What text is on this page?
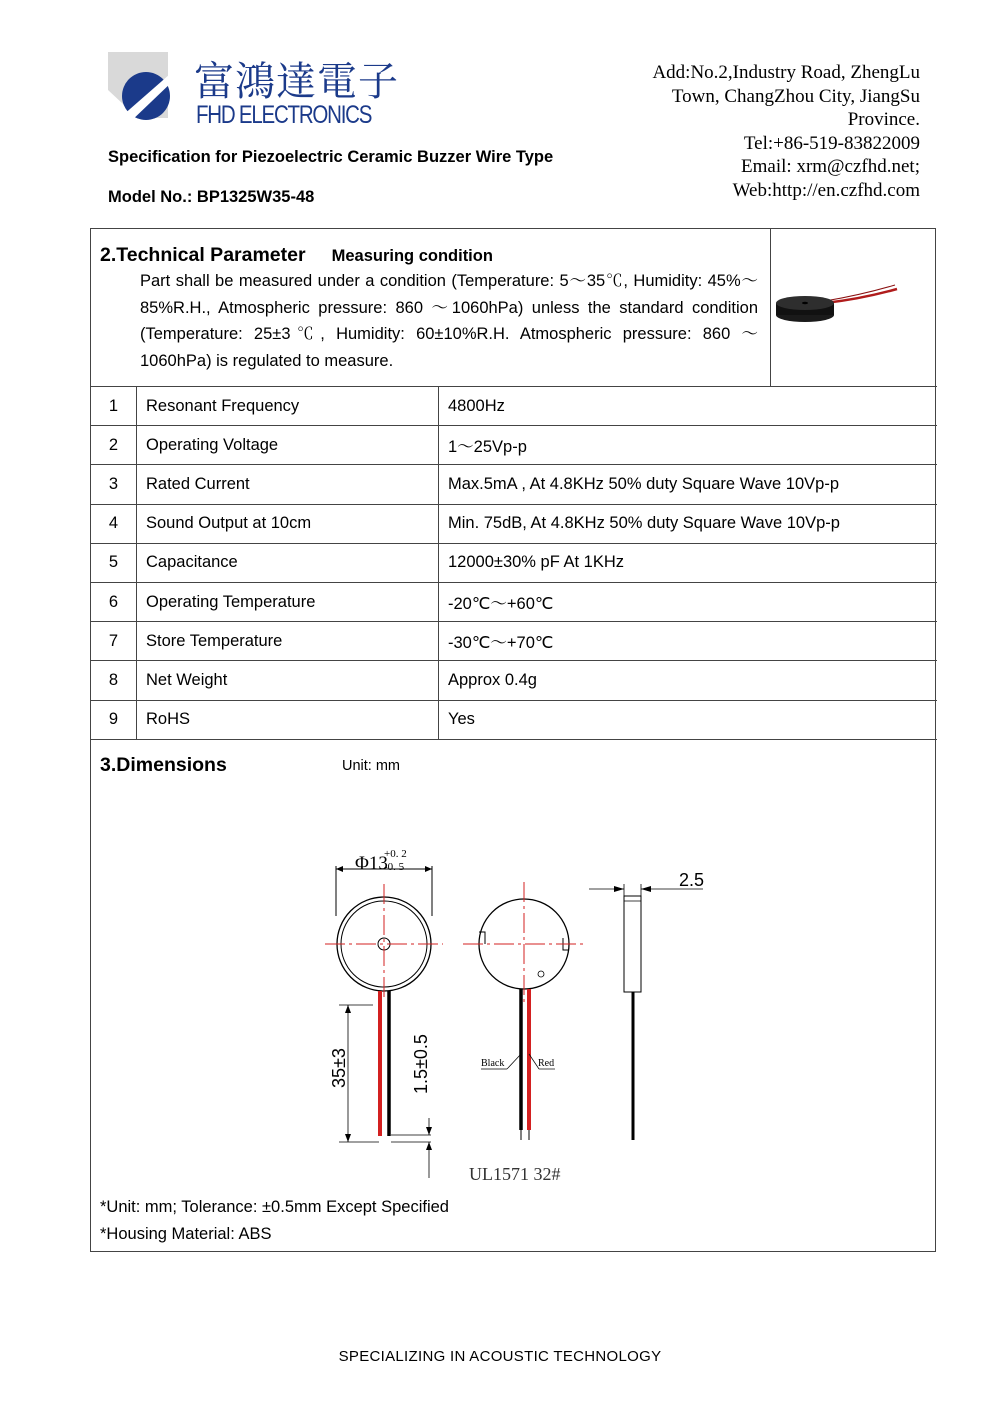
富鴻達電子
FHD ELECTRONICS
Specification for Piezoelectric Ceramic Buzzer Wire Type
Model No.: BP1325W35-48
Add:No.2,Industry Road, ZhengLu
Town, ChangZhou City, JiangSu
Province.
Tel:+86-519-83822009
Email: xrm@czfhd.net;
Web:http://en.czfhd.com
2.Technical Parameter Measuring condition
Part shall be measured under a condition (Temperature: 5～35℃, Humidity: 45%～85%R.H., Atmospheric pressure: 860 ～1060hPa) unless the standard condition (Temperature: 25±3℃, Humidity: 60±10%R.H. Atmospheric pressure: 860 ～1060hPa) is regulated to measure.
1	Resonant Frequency	4800Hz
2	Operating Voltage	1～25Vp-p
3	Rated Current	Max.5mA , At 4.8KHz 50% duty Square Wave 10Vp-p
4	Sound Output at 10cm	Min. 75dB, At 4.8KHz 50% duty Square Wave 10Vp-p
5	Capacitance	12000±30% pF At 1KHz
6	Operating Temperature	-20℃～+60℃
7	Store Temperature	-30℃～+70℃
8	Net Weight	Approx 0.4g
9	RoHS	Yes

3.Dimensions	Unit: mm
Φ13
+0. 2
-0. 5
35±3	1.5±0.5	Black	Red
UL1571 32#
2.5
*Unit: mm; Tolerance: ±0.5mm Except Specified
*Housing Material: ABS
SPECIALIZING IN ACOUSTIC TECHNOLOGY
